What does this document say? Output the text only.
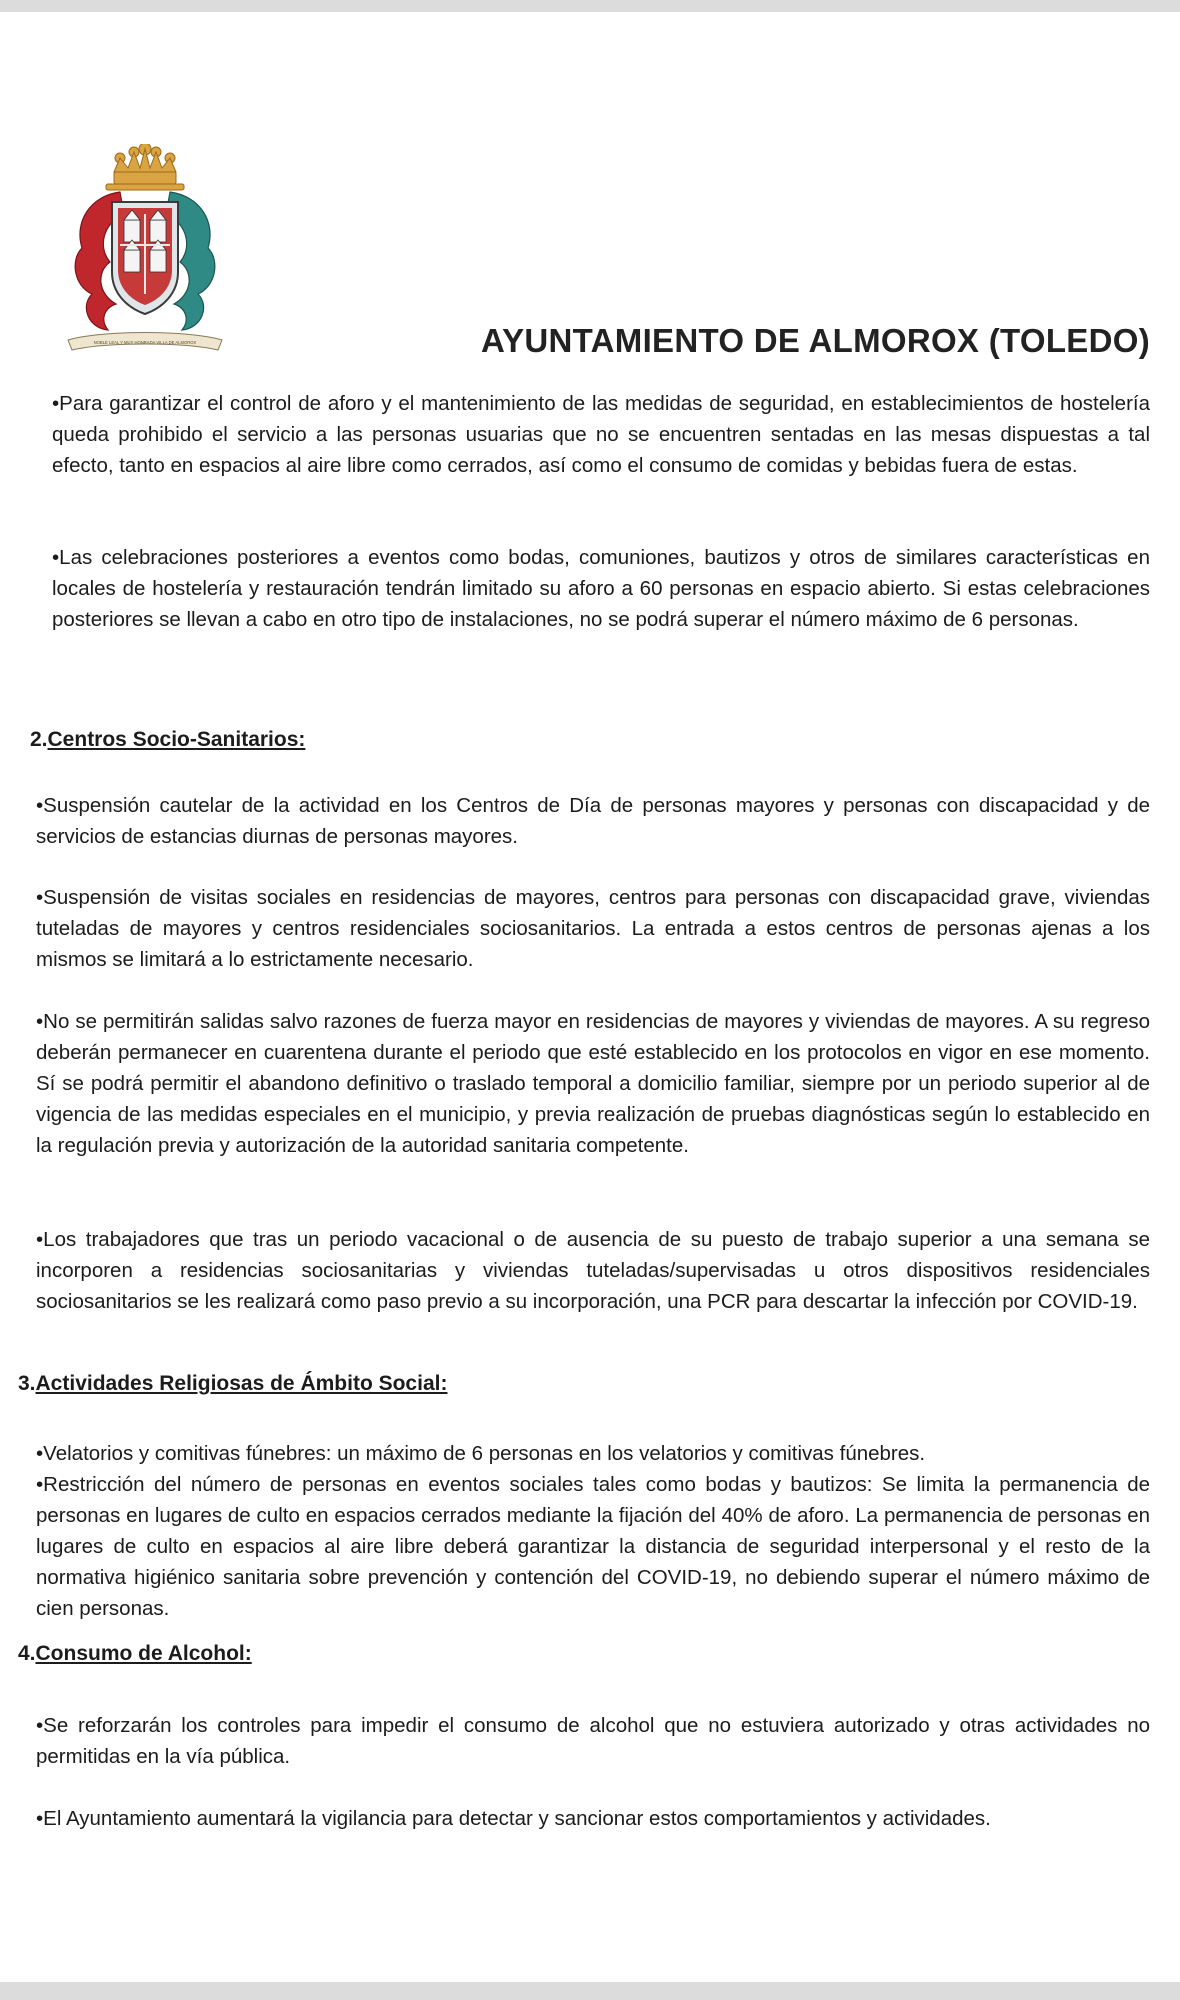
NOBLE LEAL Y MUY HONRADA VILLA DE ALMOROX	AYUNTAMIENTO DE ALMOROX (TOLEDO)

•Para garantizar el control de aforo y el mantenimiento de las medidas de seguridad, en establecimientos de hostelería queda prohibido el servicio a las personas usuarias que no se encuentren sentadas en las mesas dispuestas a tal efecto, tanto en espacios al aire libre como cerrados, así como el consumo de comidas y bebidas fuera de estas.

•Las celebraciones posteriores a eventos como bodas, comuniones, bautizos y otros de similares características en locales de hostelería y restauración tendrán limitado su aforo a 60 personas en espacio abierto. Si estas celebraciones posteriores se llevan a cabo en otro tipo de instalaciones, no se podrá superar el número máximo de 6 personas.

2.Centros Socio-Sanitarios:

•Suspensión cautelar de la actividad en los Centros de Día de personas mayores y personas con discapacidad y de servicios de estancias diurnas de personas mayores.

•Suspensión de visitas sociales en residencias de mayores, centros para personas con discapacidad grave, viviendas tuteladas de mayores y centros residenciales sociosanitarios. La entrada a estos centros de personas ajenas a los mismos se limitará a lo estrictamente necesario.

•No se permitirán salidas salvo razones de fuerza mayor en residencias de mayores y viviendas de mayores. A su regreso deberán permanecer en cuarentena durante el periodo que esté establecido en los protocolos en vigor en ese momento. Sí se podrá permitir el abandono definitivo o traslado temporal a domicilio familiar, siempre por un periodo superior al de vigencia de las medidas especiales en el municipio, y previa realización de pruebas diagnósticas según lo establecido en la regulación previa y autorización de la autoridad sanitaria competente.

•Los trabajadores que tras un periodo vacacional o de ausencia de su puesto de trabajo superior a una semana se incorporen a residencias sociosanitarias y viviendas tuteladas/supervisadas u otros dispositivos residenciales sociosanitarios se les realizará como paso previo a su incorporación, una PCR para descartar la infección por COVID-19.

3.Actividades Religiosas de Ámbito Social:

•Velatorios y comitivas fúnebres: un máximo de 6 personas en los velatorios y comitivas fúnebres.

•Restricción del número de personas en eventos sociales tales como bodas y bautizos: Se limita la permanencia de personas en lugares de culto en espacios cerrados mediante la fijación del 40% de aforo. La permanencia de personas en lugares de culto en espacios al aire libre deberá garantizar la distancia de seguridad interpersonal y el resto de la normativa higiénico sanitaria sobre prevención y contención del COVID-19, no debiendo superar el número máximo de cien personas.

4.Consumo de Alcohol:

•Se reforzarán los controles para impedir el consumo de alcohol que no estuviera autorizado y otras actividades no permitidas en la vía pública.

•El Ayuntamiento aumentará la vigilancia para detectar y sancionar estos comportamientos y actividades.
